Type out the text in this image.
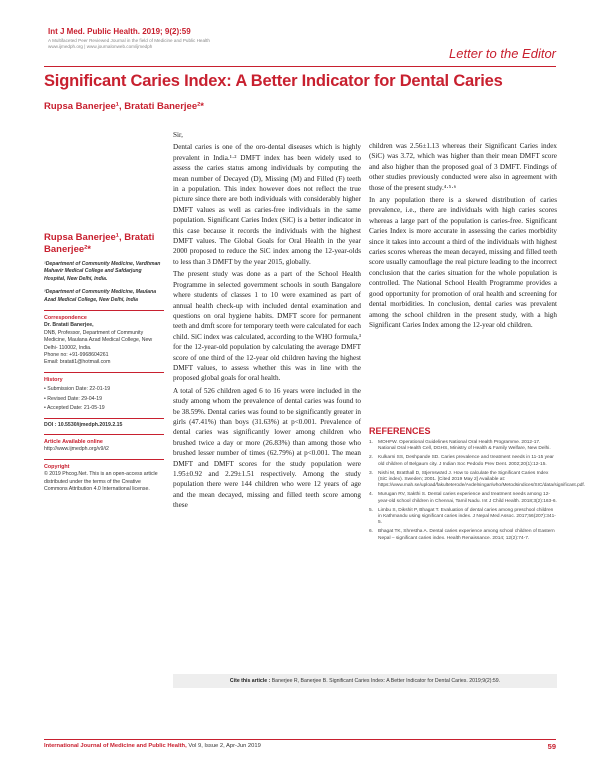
Int J Med. Public Health. 2019; 9(2):59
A Multifaceted Peer Reviewed Journal in the field of Medicine and Public Health
www.ijmedph.org | www.journalonweb.com/ijmedph	Letter to the Editor
Significant Caries Index: A Better Indicator for Dental Caries
Rupsa Banerjee¹, Bratati Banerjee²*
Rupsa Banerjee¹, Bratati Banerjee²*
¹Department of Community Medicine, Vardhman Mahavir Medical College and Safdarjung Hospital, New Delhi, India.
²Department of Community Medicine, Maulana Azad Medical College, New Delhi, India
Correspondence
Dr. Bratati Banerjee,
DNB, Professor, Department of Community Medicine, Maulana Azad Medical College, New Delhi- 110002, India.
Phone no: +91-9968604261
Email: bratati1@hotmail.com
History
• Submission Date: 22-01-19
• Revised Date: 29-04-19
• Accepted Date: 21-05-19
DOI : 10.5530/ijmedph.2019.2.15
Article Available online
http://www.ijmedph.org/v9/i2
Copyright
© 2019 Phcog.Net. This is an open-access article distributed under the terms of the Creative Commons Attribution 4.0 International license.

Sir,

Dental caries is one of the oro-dental diseases which is highly prevalent in India.¹·² DMFT index has been widely used to assess the caries status among individuals by computing the mean number of Decayed (D), Missing (M) and Filled (F) teeth in a population. This index however does not reflect the true picture since there are both individuals with considerably higher DMFT values as well as caries-free individuals in the same population. Significant Caries Index (SiC) is a better indicator in this case because it records the individuals with the highest DMFT values. The Global Goals for Oral Health in the year 2000 proposed to reduce the SiC index among the 12-year-olds to less than 3 DMFT by the year 2015, globally.

The present study was done as a part of the School Health Programme in selected government schools in south Bangalore where students of classes 1 to 10 were examined as part of annual health check-up with included dental examination and questions on oral hygiene habits. DMFT score for permanent teeth and dmft score for temporary teeth were calculated for each child. SiC index was calculated, according to the WHO formula,³ for the 12-year-old population by calculating the average DMFT score of one third of the 12-year old children having the highest DMFT values, to assess whether this was in line with the proposed global goals for oral health.

A total of 526 children aged 6 to 16 years were included in the study among whom the prevalence of dental caries was found to be 38.59%. Dental caries was found to be significantly greater in girls (47.41%) than boys (31.63%) at p<0.001. Prevalence of dental caries was significantly lower among children who brushed twice a day or more (26.83%) than among those who brushed lesser number of times (62.79%) at p<0.001. The mean DMFT and DMFT scores for the study population were 1.95±0.92 and 2.29±1.51 respectively. Among the study population there were 144 children who were 12 years of age and the mean decayed, missing and filled teeth score among these

children was 2.56±1.13 whereas their Significant Caries index (SiC) was 3.72, which was higher than their mean DMFT score and also higher than the proposed goal of 3 DMFT. Findings of other studies previously conducted were also in agreement with those of the present study.⁴·⁵·⁶

In any population there is a skewed distribution of caries prevalence, i.e., there are individuals with high caries scores whereas a large part of the population is caries-free. Significant Caries Index is more accurate in assessing the caries morbidity since it takes into account a third of the individuals with highest caries scores whereas the mean decayed, missing and filled teeth score usually camouflage the real picture leading to the incorrect conclusion that the caries situation for the whole population is controlled. The National School Health Programme provides a good opportunity for promotion of oral health and screening for dental morbidities. In conclusion, dental caries was prevalent among the school children in the present study, with a high Significant Caries Index among the 12-year old children.

REFERENCES
1. MOHFW. Operational Guidelines National Oral Health Programme. 2012-17. National Oral Health Cell, DGHS, Ministry of Health & Family Welfare, New Delhi.
2. Kulkarni SS, Deshpande SD. Caries prevalence and treatment needs in 11-15 year old children of Belgaum city. J Indian Soc Pedodo Prev Dent. 2002;20(1):12-15.
3. Nishi M, Bratthall D, Stjernswärd J. How to calculate the Significant Caries Index (SiC index). Sweden; 2001. [Cited 2019 May 2] Available at: https://www.mah.se/upload/fakulteterode/Avdelningar/who/Metodsindices/SIC/data/significant.pdf.
4. Murugan RV, Sakthi S. Dental caries experience and treatment needs among 12-year-old school children in Chennai, Tamil Nadu. Int J Child Health. 2018;3(2):163-6.
5. Limbu S, Dikshit P, Bhagat T. Evaluation of dental caries among preschool children in Kathmandu using significant caries index. J Nepal Med Assoc. 2017;56(207):341-5.
6. Bhagat TK, Shrestha A. Dental caries experience among school children of Eastern Nepal – significant caries index. Health Renaissance. 2014; 12(2):74-7.
Cite this article : Banerjee R, Banerjee B. Significant Caries Index: A Better Indicator for Dental Caries. 2019;9(2):59.
International Journal of Medicine and Public Health, Vol 9, Issue 2, Apr-Jun 2019	59
